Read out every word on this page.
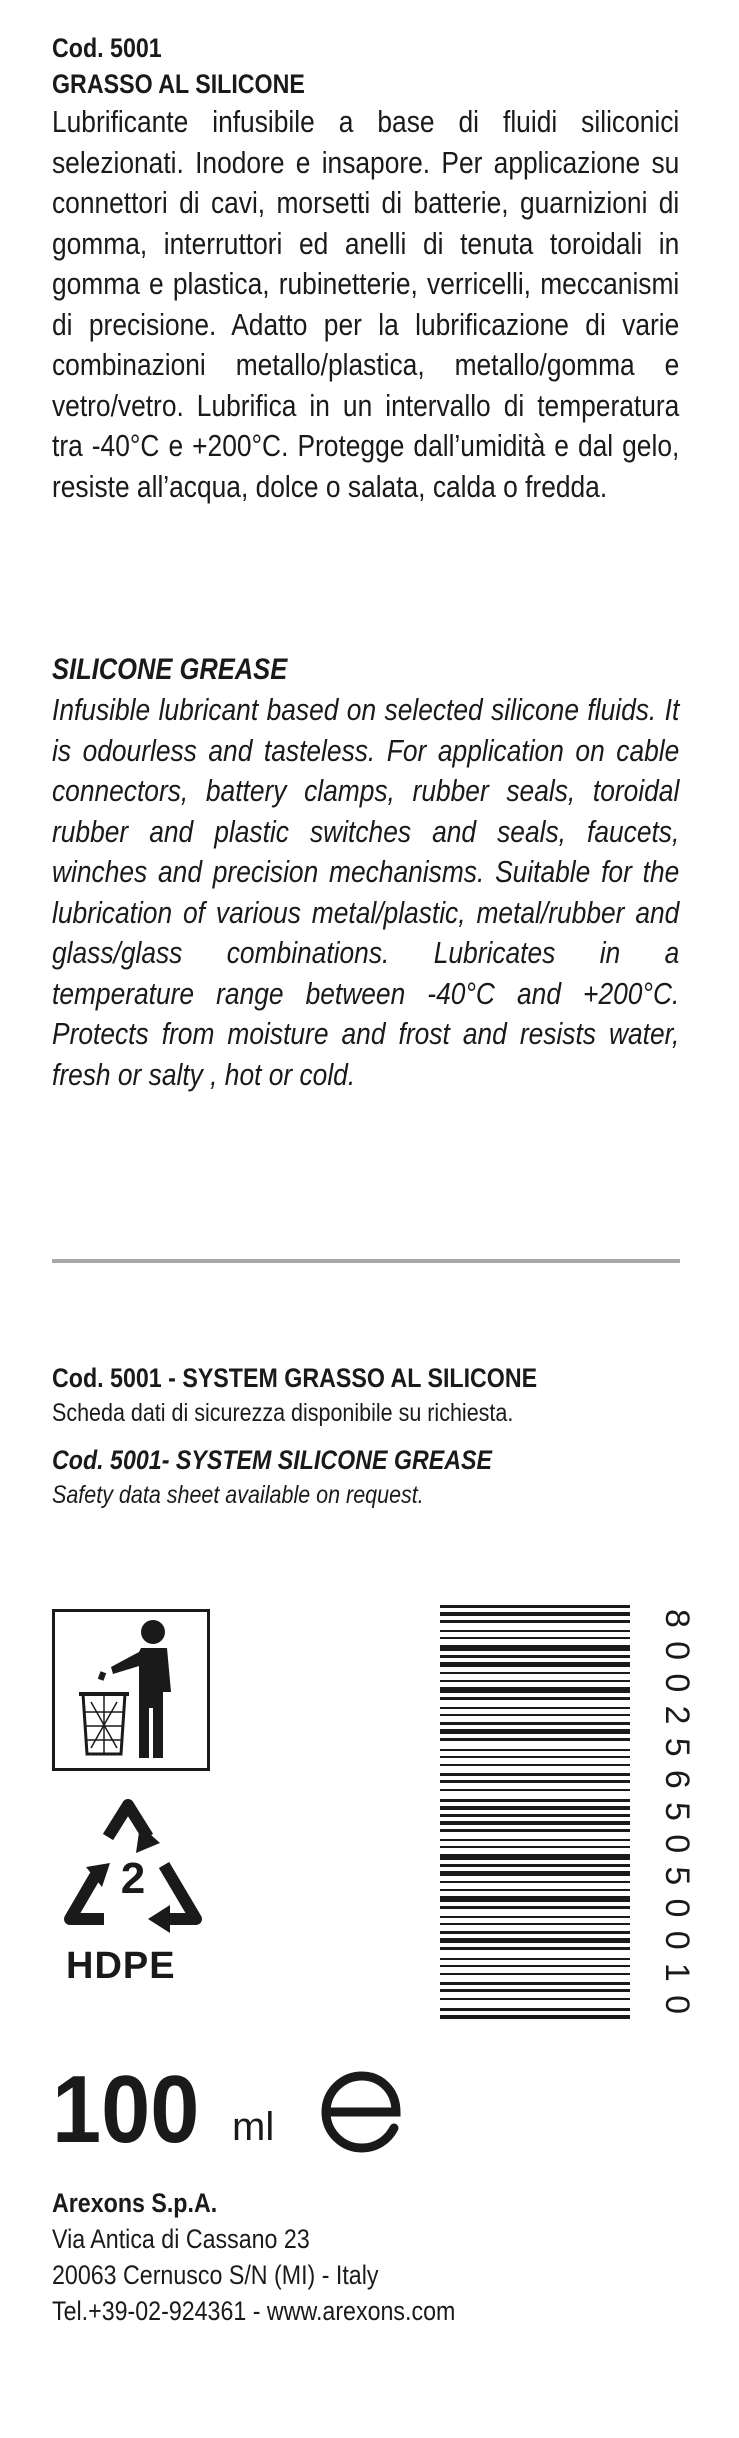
Cod. 5001
GRASSO AL SILICONE
Lubrificante infusibile a base di fluidi siliconici selezionati. Inodore e insapore. Per applicazione su connettori di cavi, morsetti di batterie, guarnizioni di gomma, interruttori ed anelli di tenuta toroidali in gomma e plastica, rubinetterie, verricelli, meccanismi di precisione. Adatto per la lubrificazione di varie combinazioni metallo/plastica, metallo/gomma e vetro/vetro. Lubrifica in un intervallo di temperatura tra -40°C e +200°C. Protegge dall’umidità e dal gelo, resiste all’acqua, dolce o salata, calda o fredda.
SILICONE GREASE
Infusible lubricant based on selected silicone fluids. It is odourless and tasteless. For application on cable connectors, battery clamps, rubber seals, toroidal rubber and plastic switches and seals, faucets, winches and precision mechanisms. Suitable for the lubrication of various metal/plastic, metal/rubber and glass/glass combinations. Lubricates in a temperature range between -40°C and +200°C. Protects from moisture and frost and resists water, fresh or salty , hot or cold.
Cod. 5001 - SYSTEM GRASSO AL SILICONE
Scheda dati di sicurezza disponibile su richiesta.
Cod. 5001- SYSTEM SILICONE GREASE
Safety data sheet available on request.
2
HDPE
100 ml
8002565050010
Arexons S.p.A.
Via Antica di Cassano 23
20063 Cernusco S/N (MI) - Italy
Tel.+39-02-924361 - www.arexons.com
